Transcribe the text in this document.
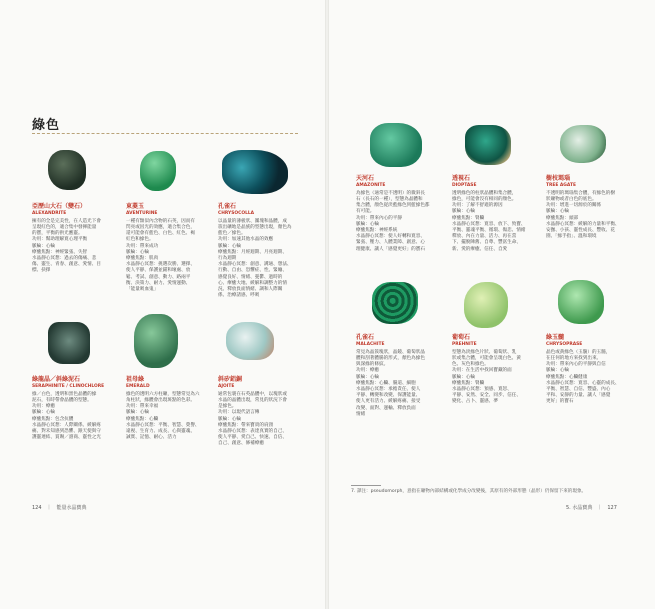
綠色
亞歷山大石（變石）
ALEXANDRITE
擁有的全是完美性，在人造光下會
呈現紅色的，適合集中發揮能量
的寶，平衡的供光應靈。
功用：幫助理解寬心理平衡
脈輪：心輪
療癒焦點：神經緊張、失智
水晶靜心冥想：過去的傷痛、悲
傷、靈生、青春、創意、愛情、目
標、抉擇
東菱玉
AVENTURINE
一種有類似內含物的石英，因而有
閃亮或因光的效應，適合集合色，
還可能會有藍色、白色、紅色、褐
紅色和綠色。
功用：帶來成功
脈輪：心輪
療癒焦點：肌肉
水晶靜心冥想：挑選次勝、選擇、
使人平靜、保護並錨和壞處、放
鬆、考試、創意、動力、路兩平
衡、決策力、耐力、愛情運動、
「能量吸血鬼」
孔雀石
CHRYSOCOLLA
以晶量的薄板狀、團塊和晶體，成
簇出礦地是晶族的型態出現，顏色為
藍色／綠色。
功用：加速其他水晶的效應
脈輪：心輪
療癒焦點：月經週期、月亮週期、
行為週期
水晶靜心冥想：創意、溝通、想法、
行動、自由、恐懼症、性、緊繃、
感覺良好、情緒、憂鬱、過時的
心、療癒大地、緩解和調整力的情
況、釋放負面情緒、調和人際關
係、治療諸感、呼吸
綠龍晶／斜綠泥石
SERAPHINITE / CLINOCHLORE
綠／白色，透明和黑色晶體的綠
泥石，有時帶會晶體的型態。
功用：療癒
脈輪：心輪
療癒焦點：包含抗體
水晶靜心冥想：人際關係、緩解疼
痛、對未知感到恐懼、跟天使與守
護靈連結、賞賜／諮商、靈性之光
祖母綠
EMERALD
綠色的透明六方柱礦，型態常見為六
角柱狀，綠體會出現斑點的色彩。
功用：帶來幸福
脈輪：心輪
療癒焦點：心臟
水晶靜心冥想：平衡、智慧、榮譽、
遠視、生育力、成長、心與靈魂、
誠實、記憶、耐心、活力
斜矽鋁銅
AJOITE
通常包裹在石英晶體中，以塊狀或
水晶的晶體出現，常見的狀況下會
是綠色。
功用：以現代語言傳
脈輪：心輪
療癒焦點：帶來寶貴的肩頸
水晶靜心冥想：表達真實的自己、
使人平靜、愛自己、快速、自信、
自己、創意、修補療癒
天河石
AMAZONITE
為綠色（通常是不透明）的微斜長
石（長石的一種），型態為晶體和
集合體，顏色從淡藍綠色到藍綠色都
有可能。
功用：帶來內心的平靜
脈輪：心輪
療癒焦點：神經系統
水晶靜心冥想：使人好轉和寬容、
緊張、壓力、人體業障、創意、心
理健康、讓人「感覺更好」的寶石
透視石
DIOPTASE
透明綠色的柱狀晶體和集合體，
綠色，可能會沒有相同的顏色。
功用：了解不舒適的源因
脈輪：心輪
療癒焦點：腎臟
水晶靜心冥想：寬容、放下、致寶、
平衡、靈魂平衡、循環、傷悲、情緒
釋放、內在力量、活力、再在當
下、擺脫陳舊、自尊、豐富生命、
新、愛的療癒、信任、自愛
樹枝瑪瑙
TREE AGATE
不透明的瑪瑙集合體，有綠色的樹
狀礦物或者白色的底色。
功用：增進一切源於的關係
脈輪：心輪
療癒焦點：頭部
水晶靜心冥想：緩解的力量和平衡、
安撫、小孩、靈性成長、豐收、花
園、「綠手指」、溫和環境
孔雀石
MALACHITE
常見為晶簇塊狀，晶鏡、葡萄狀晶
體和刮著體腸的形式，顏色為綠色
與深綠的條紋。
功用：療癒
脈輪：心輪
療癒焦點：心臟、腸道、細胞
水晶靜心冥想：承擔責任、使人
平靜、轉變和改變、保護能量、
使人更有活力、緩解疼痛、接受
改變、面對、運輸、釋放負面
情緒
葡萄石
PREHNITE
型態為淡綠色片狀、葡萄狀、乳
狀或集合體，可能會呈現白色、黃
色、灰色和綠色。
功用：在生活中找回寶藏的面
脈輪：心輪
療癒焦點：腎臟
水晶靜心冥想：預感、寬恕、
平靜、安然、安全、同步、信任、
變化、占卜、靈感、夢
綠玉髓
CHRYSOPRASE
晶色或黃綠色（玉髓）的玉髓，
在任何的地方來找到出來。
功用：帶來內心的平靜與自信
脈輪：心輪
療癒焦點：心臟健康
水晶靜心冥想：寬容、心靈的成長、
平衡、智慧、自信、豐盛、內心
平和、安靜的力量、讓人「感覺
更好」的寶石
7. 譯注：pseudomorph，意指在礦物內部結構或化學成分改變後，其原有的外部形態（晶形）仍保留下來的現象。
124　｜　能量水晶寶典	5. 水晶寶典　｜　127
